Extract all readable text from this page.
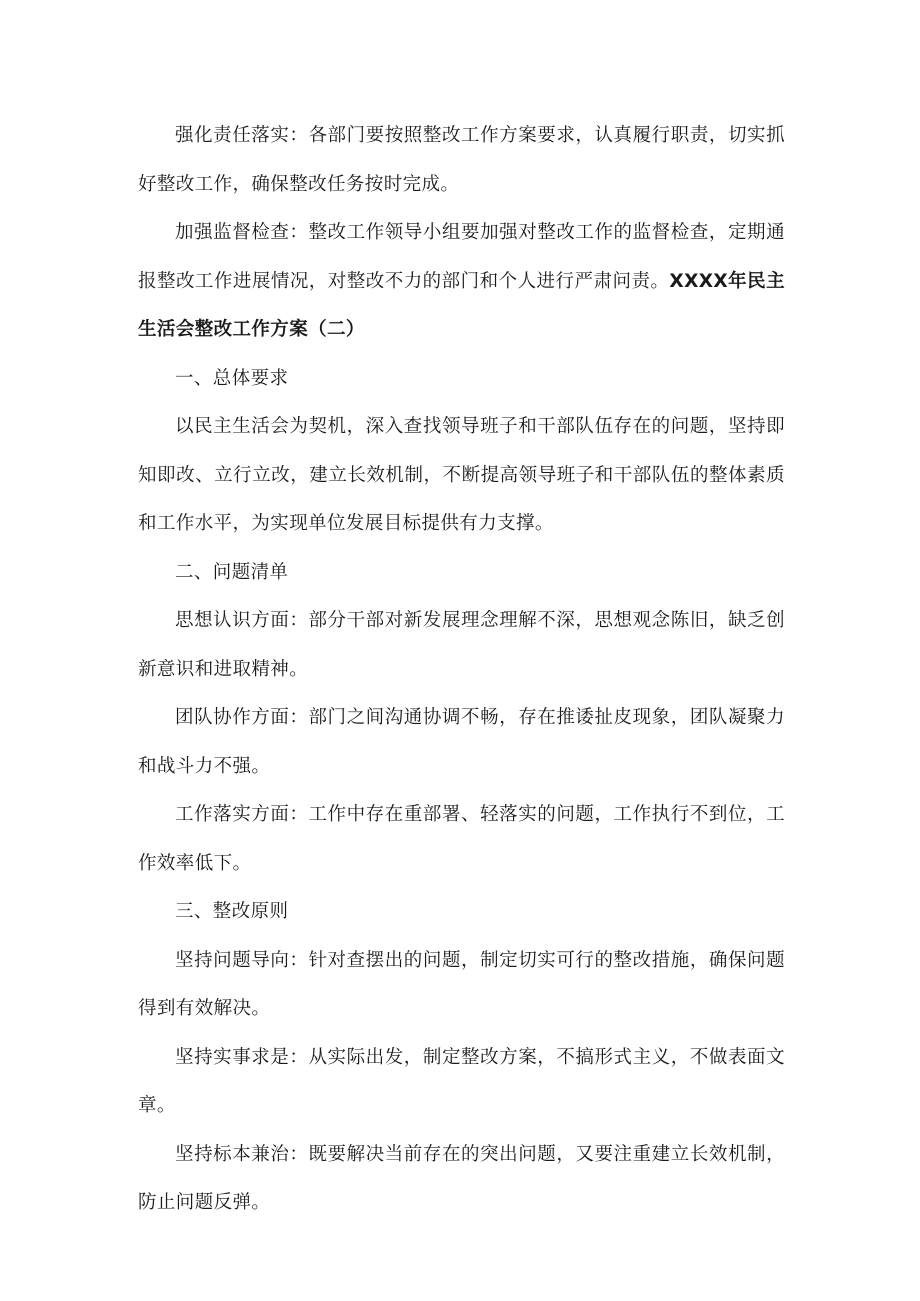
强化责任落实：各部门要按照整改工作方案要求，认真履行职责，切实抓好整改工作，确保整改任务按时完成。

加强监督检查：整改工作领导小组要加强对整改工作的监督检查，定期通报整改工作进展情况，对整改不力的部门和个人进行严肃问责。XXXX年民主生活会整改工作方案（二）

一、总体要求

以民主生活会为契机，深入查找领导班子和干部队伍存在的问题，坚持即知即改、立行立改，建立长效机制，不断提高领导班子和干部队伍的整体素质和工作水平，为实现单位发展目标提供有力支撑。

二、问题清单

思想认识方面：部分干部对新发展理念理解不深，思想观念陈旧，缺乏创新意识和进取精神。

团队协作方面：部门之间沟通协调不畅，存在推诿扯皮现象，团队凝聚力和战斗力不强。

工作落实方面：工作中存在重部署、轻落实的问题，工作执行不到位，工作效率低下。

三、整改原则

坚持问题导向：针对查摆出的问题，制定切实可行的整改措施，确保问题得到有效解决。

坚持实事求是：从实际出发，制定整改方案，不搞形式主义，不做表面文章。

坚持标本兼治：既要解决当前存在的突出问题，又要注重建立长效机制，防止问题反弹。
